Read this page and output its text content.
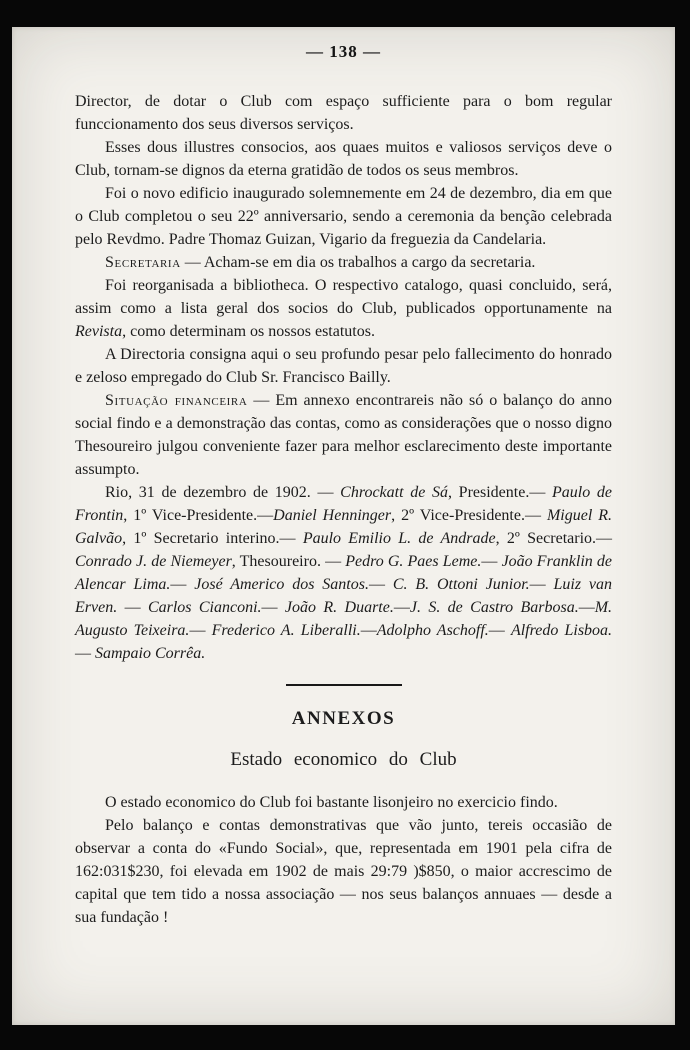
— 138 —

Director, de dotar o Club com espaço sufficiente para o bom regular funccionamento dos seus diversos serviços.

Esses dous illustres consocios, aos quaes muitos e valiosos serviços deve o Club, tornam-se dignos da eterna gratidão de todos os seus membros.

Foi o novo edificio inaugurado solemnemente em 24 de dezembro, dia em que o Club completou o seu 22º anniversario, sendo a ceremonia da benção celebrada pelo Revdmo. Padre Thomaz Guizan, Vigario da freguezia da Candelaria.

Secretaria — Acham-se em dia os trabalhos a cargo da secretaria.

Foi reorganisada a bibliotheca. O respectivo catalogo, quasi concluido, será, assim como a lista geral dos socios do Club, publicados opportunamente na Revista, como determinam os nossos estatutos.

A Directoria consigna aqui o seu profundo pesar pelo fallecimento do honrado e zeloso empregado do Club Sr. Francisco Bailly.

Situação financeira — Em annexo encontrareis não só o balanço do anno social findo e a demonstração das contas, como as considerações que o nosso digno Thesoureiro julgou conveniente fazer para melhor esclarecimento deste importante assumpto.

Rio, 31 de dezembro de 1902. — Chrockatt de Sá, Presidente.— Paulo de Frontin, 1º Vice-Presidente.—Daniel Henninger, 2º Vice-Presidente.— Miguel R. Galvão, 1º Secretario interino.— Paulo Emilio L. de Andrade, 2º Secretario.— Conrado J. de Niemeyer, Thesoureiro. — Pedro G. Paes Leme.— João Franklin de Alencar Lima.— José Americo dos Santos.— C. B. Ottoni Junior.— Luiz van Erven. — Carlos Cianconi.— João R. Duarte.—J. S. de Castro Barbosa.—M. Augusto Teixeira.— Frederico A. Liberalli.—Adolpho Aschoff.— Alfredo Lisboa.— Sampaio Corrêa.

ANNEXOS
Estado economico do Club

O estado economico do Club foi bastante lisonjeiro no exercicio findo.

Pelo balanço e contas demonstrativas que vão junto, tereis occasião de observar a conta do «Fundo Social», que, representada em 1901 pela cifra de 162:031$230, foi elevada em 1902 de mais 29:79 )$850, o maior accrescimo de capital que tem tido a nossa associação — nos seus balanços annuaes — desde a sua fundação !
